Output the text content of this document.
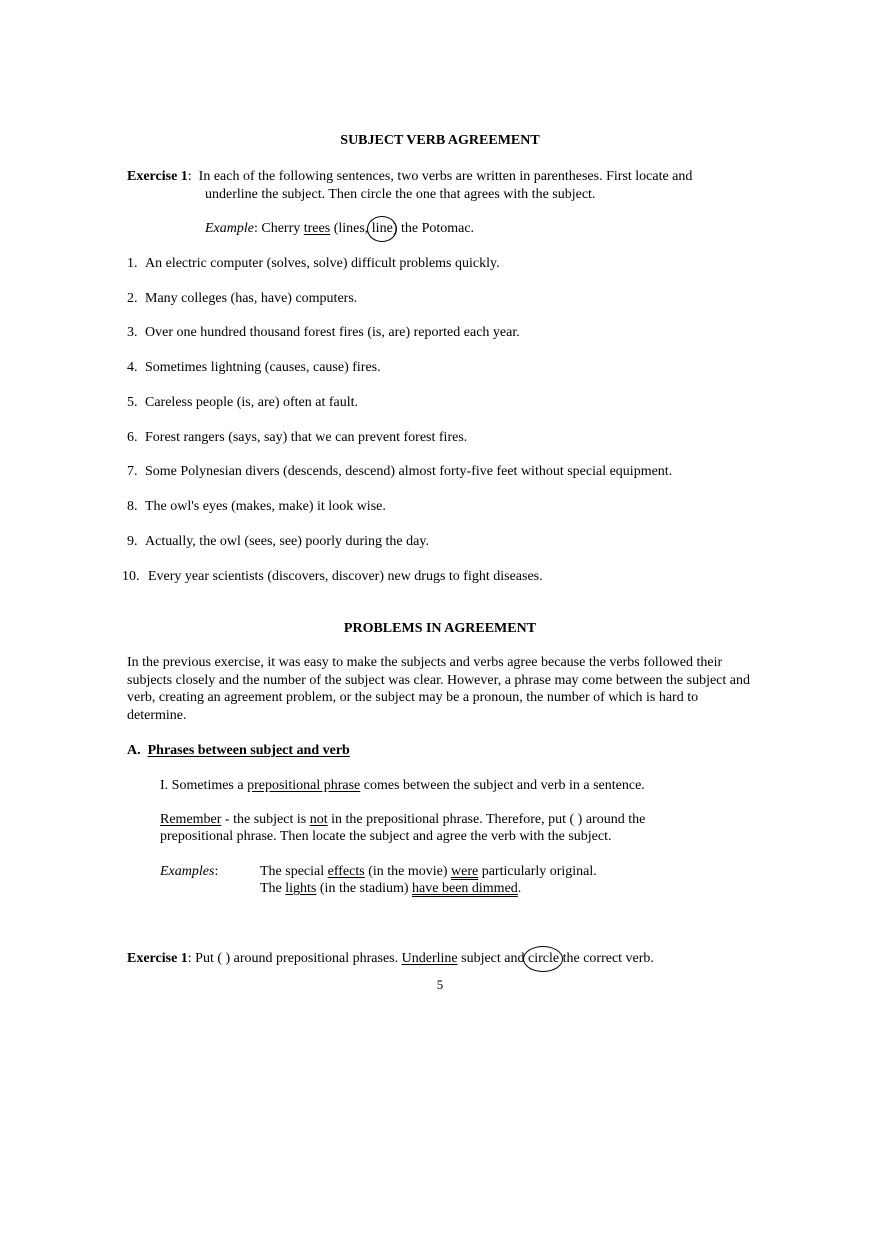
SUBJECT VERB AGREEMENT
Exercise 1:  In each of the following sentences, two verbs are written in parentheses. First locate and
underline the subject. Then circle the one that agrees with the subject.
Example: Cherry trees (lines, line) the Potomac.
1. An electric computer (solves, solve) difficult problems quickly.
2. Many colleges (has, have) computers.
3. Over one hundred thousand forest fires (is, are) reported each year.
4. Sometimes lightning (causes, cause) fires.
5. Careless people (is, are) often at fault.
6. Forest rangers (says, say) that we can prevent forest fires.
7. Some Polynesian divers (descends, descend) almost forty-five feet without special equipment.
8. The owl's eyes (makes, make) it look wise.
9. Actually, the owl (sees, see) poorly during the day.
10. Every year scientists (discovers, discover) new drugs to fight diseases.
PROBLEMS IN AGREEMENT
In the previous exercise, it was easy to make the subjects and verbs agree because the verbs followed their subjects closely and the number of the subject was clear. However, a phrase may come between the subject and verb, creating an agreement problem, or the subject may be a pronoun, the number of which is hard to determine.
A. Phrases between subject and verb
I. Sometimes a prepositional phrase comes between the subject and verb in a sentence.
Remember - the subject is not in the prepositional phrase. Therefore, put ( ) around the
prepositional phrase. Then locate the subject and agree the verb with the subject.
Examples:	The special effects (in the movie) were particularly original.
The lights (in the stadium) have been dimmed.
Exercise 1: Put ( ) around prepositional phrases. Underline subject and circle the correct verb.
5
